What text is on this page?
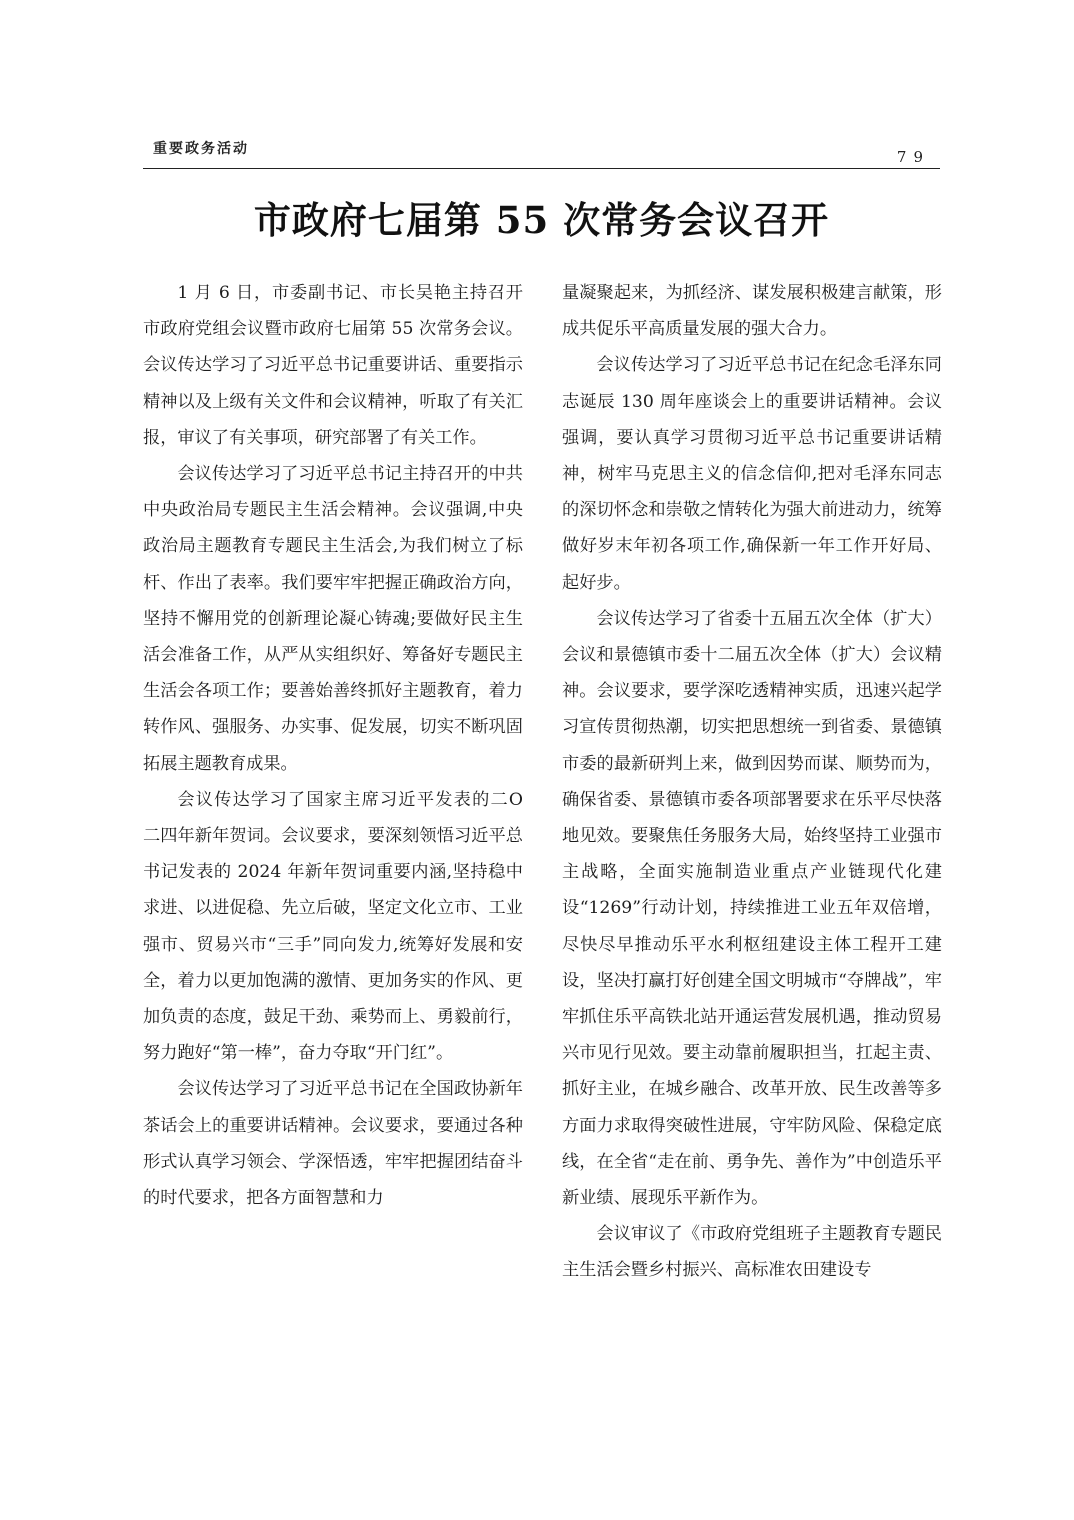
重要政务活动	79
市政府七届第 55 次常务会议召开

1 月 6 日，市委副书记、市长吴艳主持召开市政府党组会议暨市政府七届第 55 次常务会议。会议传达学习了习近平总书记重要讲话、重要指示精神以及上级有关文件和会议精神，听取了有关汇报，审议了有关事项，研究部署了有关工作。

会议传达学习了习近平总书记主持召开的中共中央政治局专题民主生活会精神。会议强调,中央政治局主题教育专题民主生活会,为我们树立了标杆、作出了表率。我们要牢牢把握正确政治方向，坚持不懈用党的创新理论凝心铸魂;要做好民主生活会准备工作，从严从实组织好、筹备好专题民主生活会各项工作；要善始善终抓好主题教育，着力转作风、强服务、办实事、促发展，切实不断巩固拓展主题教育成果。

会议传达学习了国家主席习近平发表的二O 二四年新年贺词。会议要求，要深刻领悟习近平总书记发表的 2024 年新年贺词重要内涵,坚持稳中求进、以进促稳、先立后破，坚定文化立市、工业强市、贸易兴市“三手”同向发力,统筹好发展和安全，着力以更加饱满的激情、更加务实的作风、更加负责的态度，鼓足干劲、乘势而上、勇毅前行，努力跑好“第一棒”，奋力夺取“开门红”。

会议传达学习了习近平总书记在全国政协新年茶话会上的重要讲话精神。会议要求，要通过各种形式认真学习领会、学深悟透，牢牢把握团结奋斗的时代要求，把各方面智慧和力

量凝聚起来，为抓经济、谋发展积极建言献策，形成共促乐平高质量发展的强大合力。

会议传达学习了习近平总书记在纪念毛泽东同志诞辰 130 周年座谈会上的重要讲话精神。会议强调，要认真学习贯彻习近平总书记重要讲话精神，树牢马克思主义的信念信仰,把对毛泽东同志的深切怀念和崇敬之情转化为强大前进动力，统筹做好岁末年初各项工作,确保新一年工作开好局、起好步。

会议传达学习了省委十五届五次全体（扩大）会议和景德镇市委十二届五次全体（扩大）会议精神。会议要求，要学深吃透精神实质，迅速兴起学习宣传贯彻热潮，切实把思想统一到省委、景德镇市委的最新研判上来，做到因势而谋、顺势而为，确保省委、景德镇市委各项部署要求在乐平尽快落地见效。要聚焦任务服务大局，始终坚持工业强市主战略，全面实施制造业重点产业链现代化建设“1269”行动计划，持续推进工业五年双倍增，尽快尽早推动乐平水利枢纽建设主体工程开工建设，坚决打赢打好创建全国文明城市“夺牌战”，牢牢抓住乐平高铁北站开通运营发展机遇，推动贸易兴市见行见效。要主动靠前履职担当，扛起主责、抓好主业，在城乡融合、改革开放、民生改善等多方面力求取得突破性进展，守牢防风险、保稳定底线，在全省“走在前、勇争先、善作为”中创造乐平新业绩、展现乐平新作为。

会议审议了《市政府党组班子主题教育专题民主生活会暨乡村振兴、高标准农田建设专
